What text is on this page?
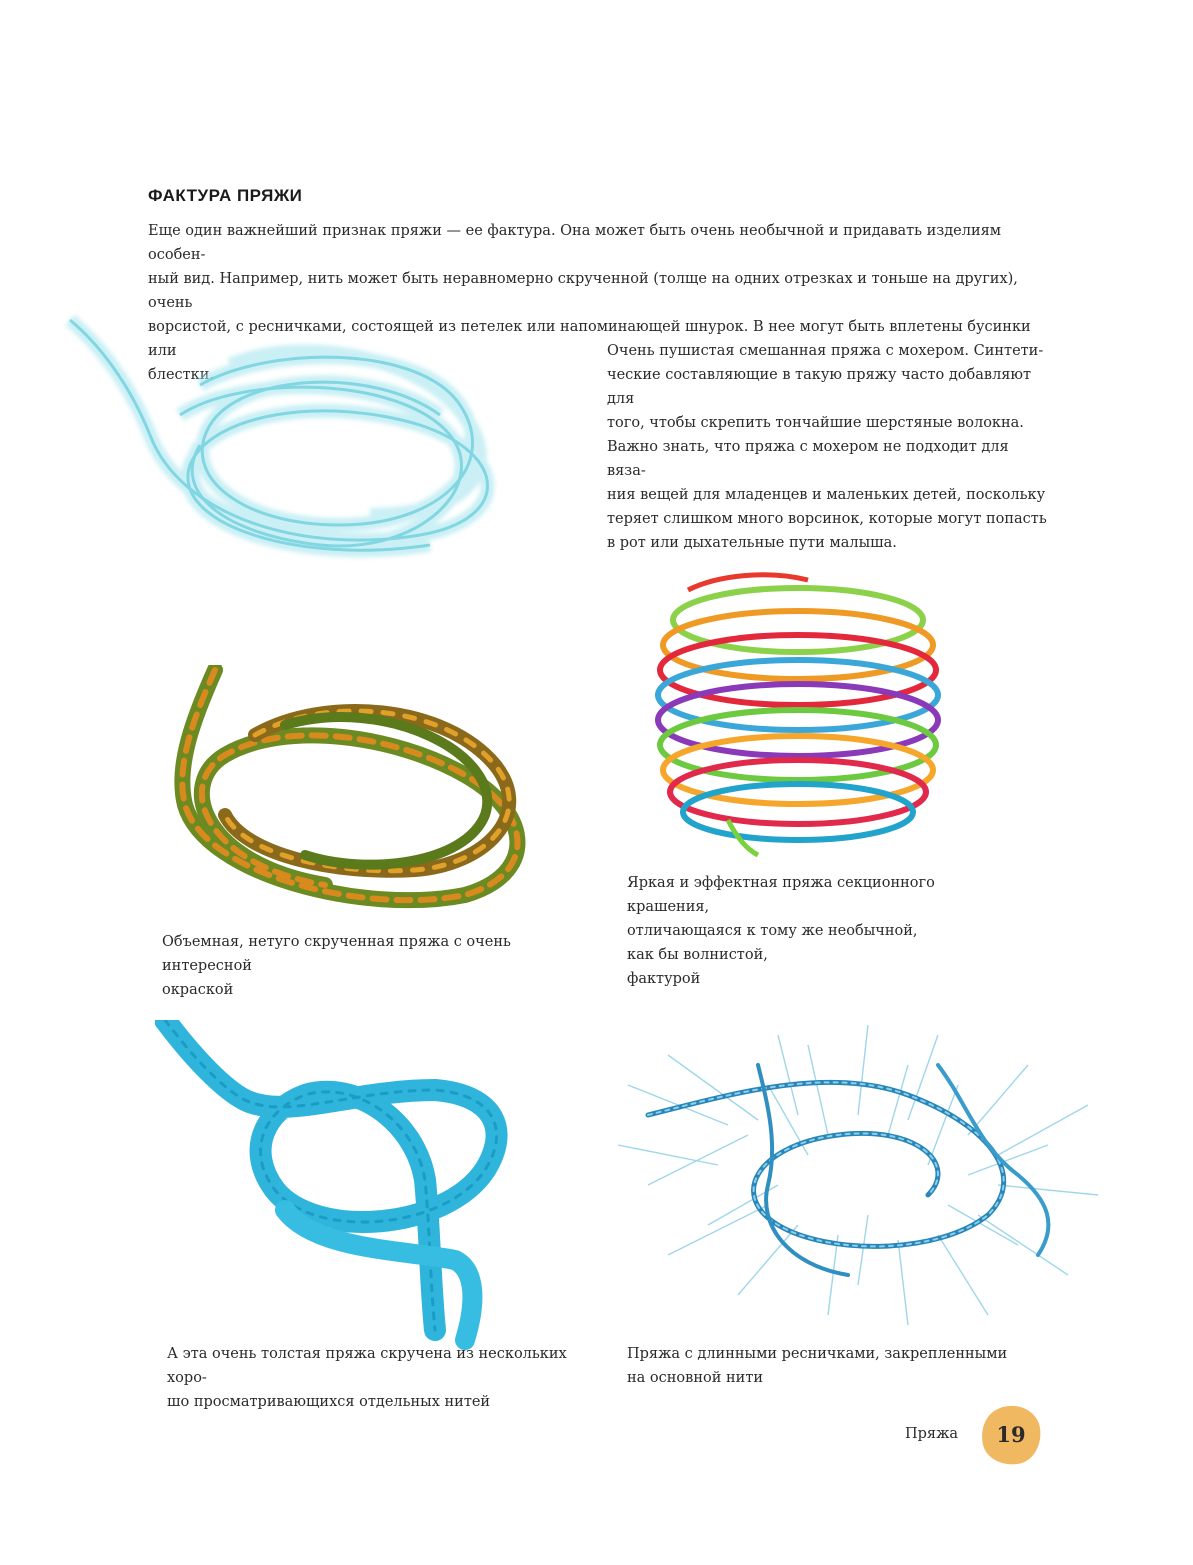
ФАКТУРА ПРЯЖИ
Еще один важнейший признак пряжи — ее фактура. Она может быть очень необычной и придавать изделиям особен-
ный вид. Например, нить может быть неравномерно скрученной (толще на одних отрезках и тоньше на других), очень
ворсистой, с ресничками, состоящей из петелек или напоминающей шнурок. В нее могут быть вплетены бусинки или
блестки.
Очень пушистая смешанная пряжа с мохером. Синтети-
ческие составляющие в такую пряжу часто добавляют для
того, чтобы скрепить тончайшие шерстяные волокна.
Важно знать, что пряжа с мохером не подходит для вяза-
ния вещей для младенцев и маленьких детей, поскольку
теряет слишком много ворсинок, которые могут попасть
в рот или дыхательные пути малыша.
Яркая и эффектная пряжа секционного крашения,
отличающаяся к тому же необычной, как бы волнистой,
фактурой
Объемная, нетуго скрученная пряжа с очень интересной
окраской
А эта очень толстая пряжа скручена из нескольких хоро-
шо просматривающихся отдельных нитей
Пряжа с длинными ресничками, закрепленными
на основной нити
Пряжа	19
